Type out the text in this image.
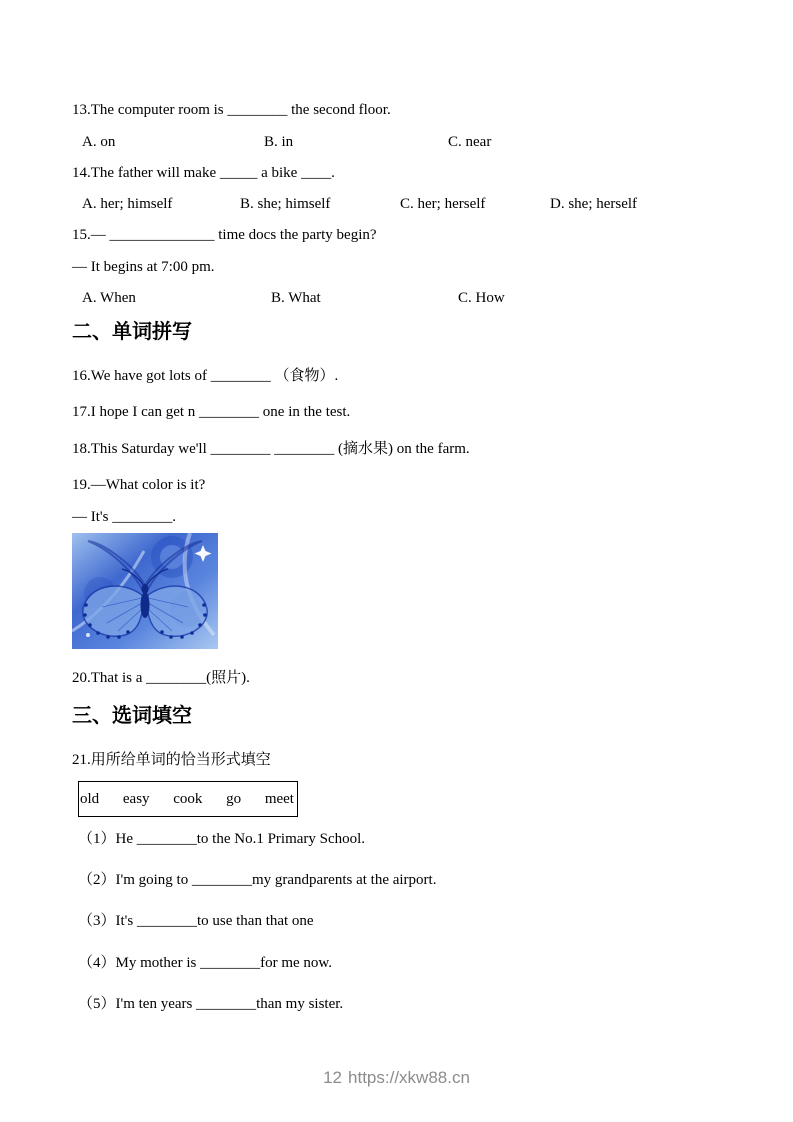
13.The computer room is ________ the second floor.
A. on	B. in	C. near
14.The father will make _____ a bike ____.
A. her; himself	B. she; himself	C. her; herself	D. she; herself
15.— ______________ time docs the party begin?
— It begins at 7:00 pm.
A. When	B. What	C. How
二、单词拼写
16.We have got lots of ________ （食物）.
17.I hope I can get n ________ one in the test.
18.This Saturday we'll ________ ________ (摘水果) on the farm.
19.—What color is it?
— It's ________.
20.That is a ________(照片).
三、选词填空
21.用所给单词的恰当形式填空
old easy cook go meet
（1）He ________to the No.1 Primary School.
（2）I'm going to ________my grandparents at the airport.
（3）It's ________to use than that one
（4）My mother is ________for me now.
（5）I'm ten years ________than my sister.
12 https://xkw88.cn
